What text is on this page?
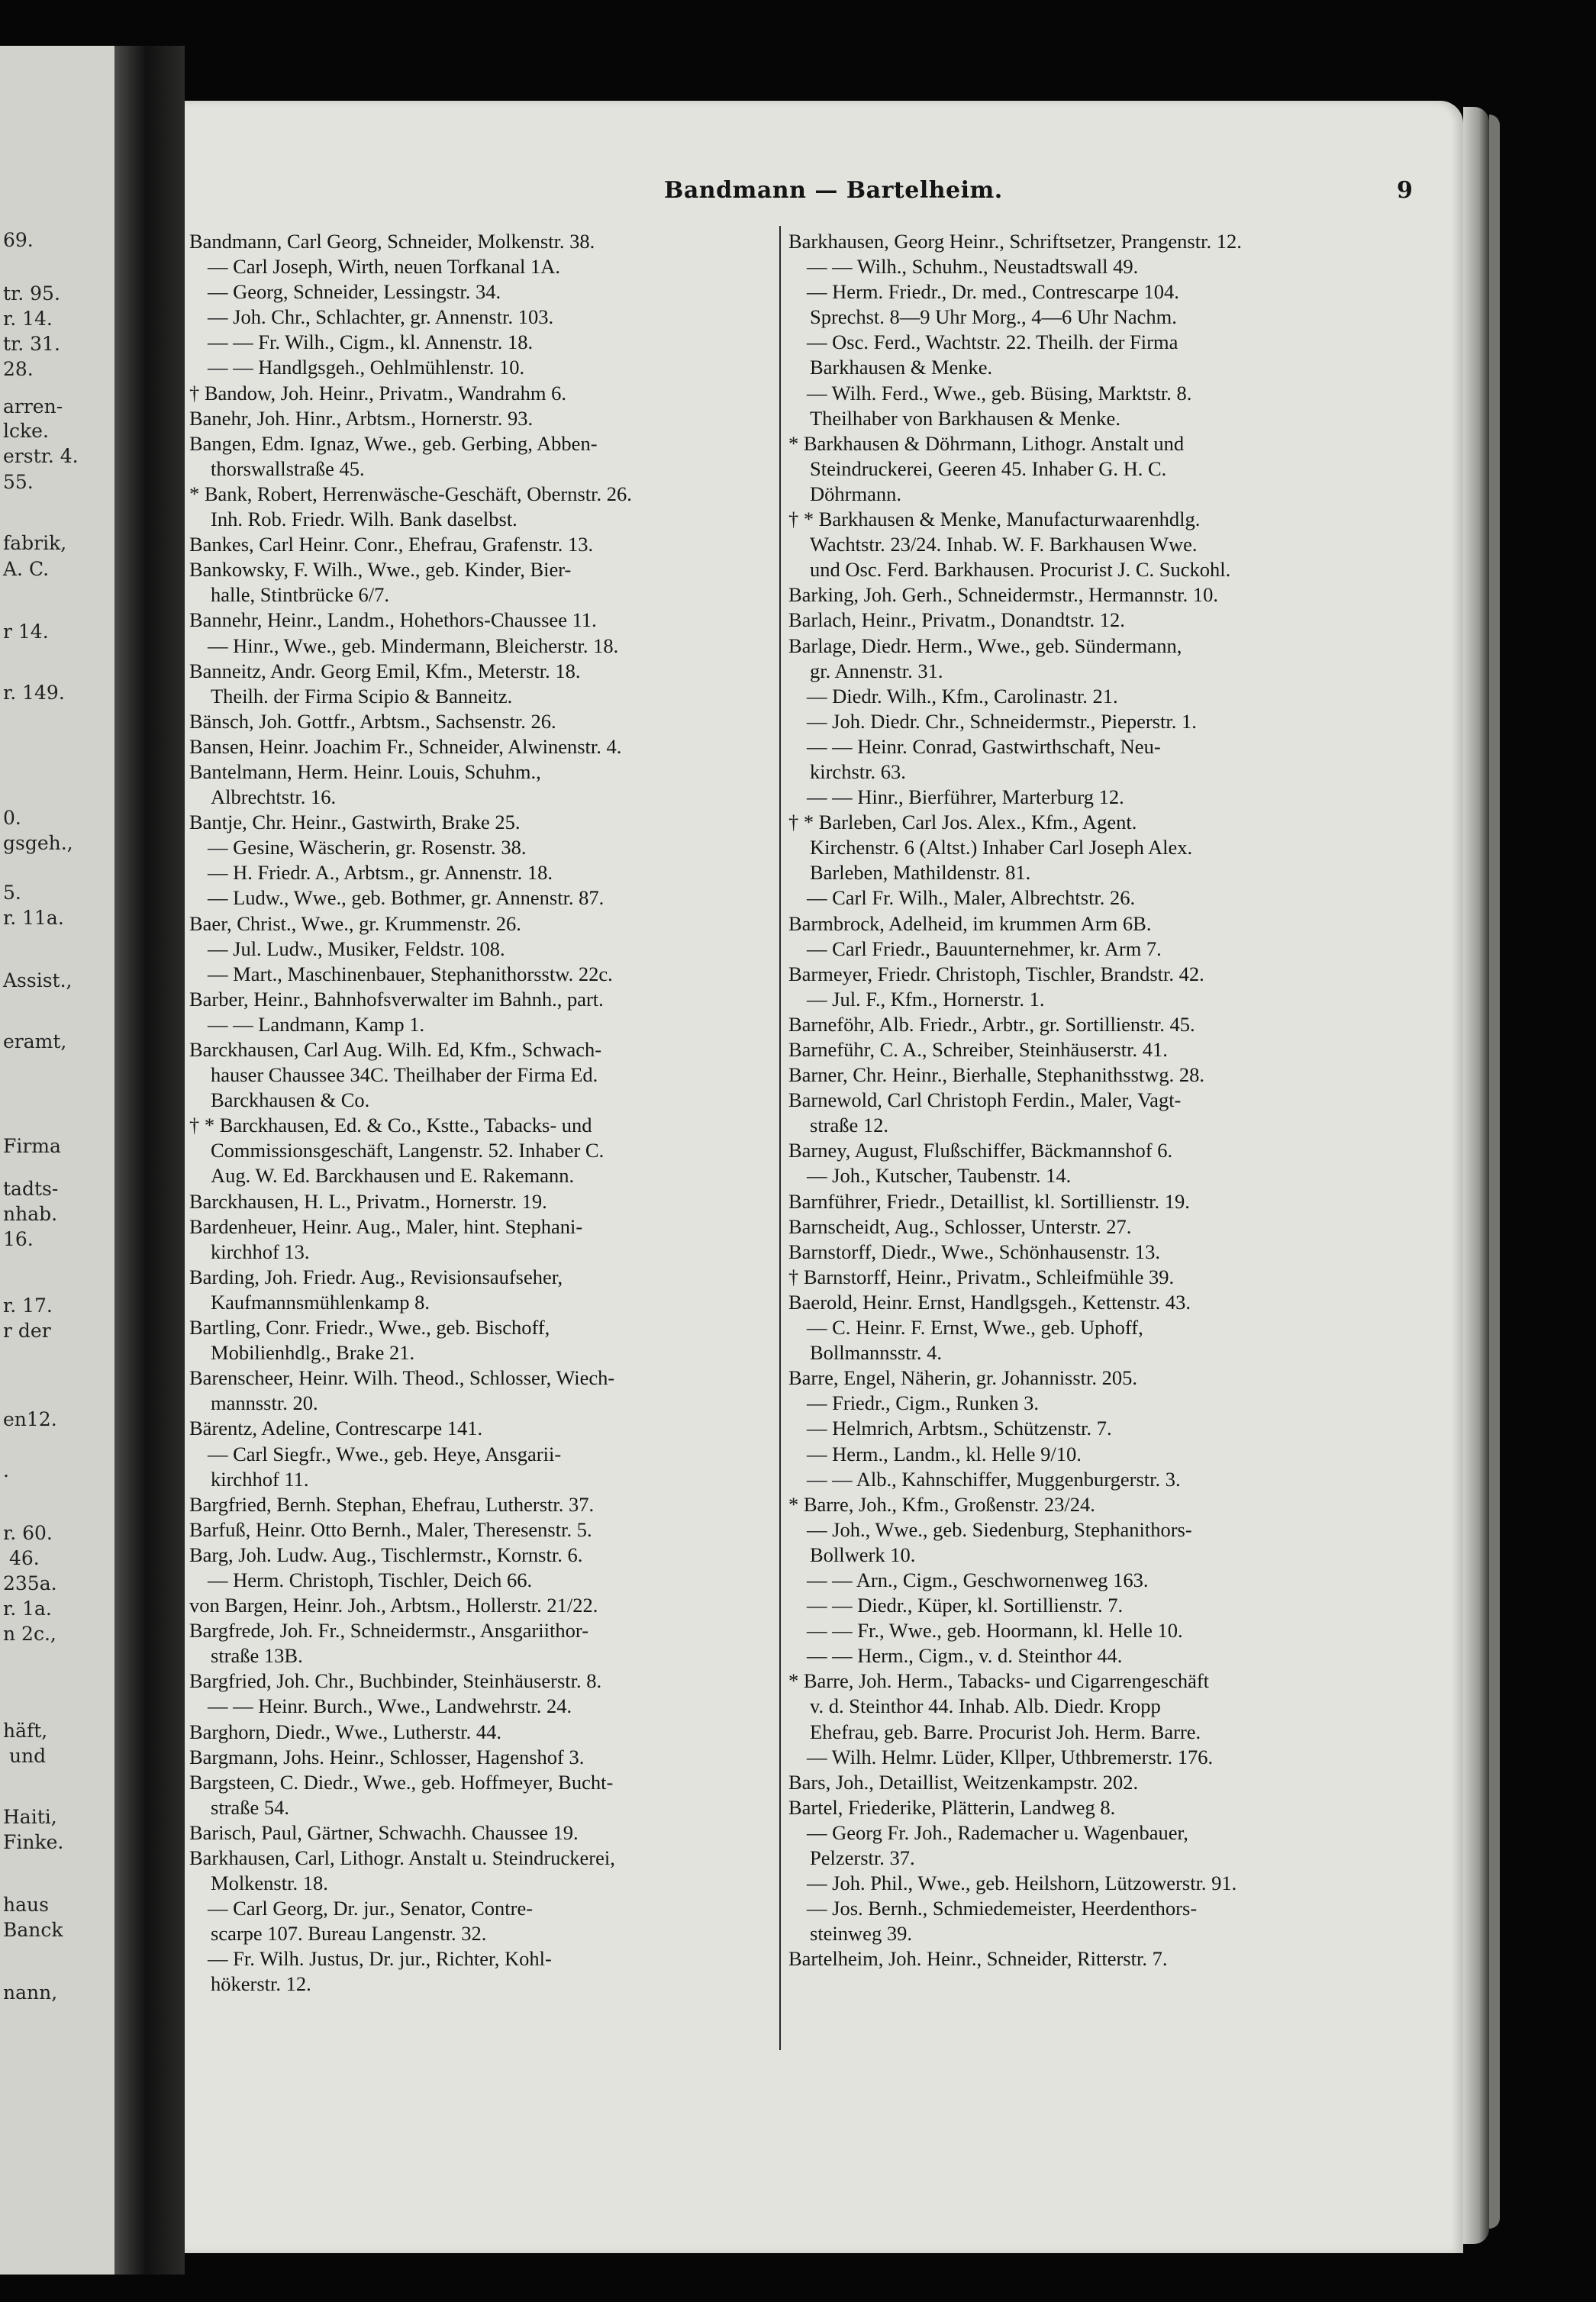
69.
tr. 95.
r. 14.
tr. 31.
28.
arren-
lcke.
erstr. 4.
55.
fabrik,
A. C.
r 14.
r. 149.
0.
gsgeh.,
5.
r. 11a.
Assist.,
eramt,
Firma
tadts-
nhab.
16.
r. 17.
r der
en12.
.
r. 60.
46.
235a.
r. 1a.
n 2c.,
häft,
und
Haiti,
Finke.
haus
Banck
nann,
Bandmann — Bartelheim.	9
Bandmann, Carl Georg, Schneider, Molkenstr. 38.
— Carl Joseph, Wirth, neuen Torfkanal 1A.
— Georg, Schneider, Lessingstr. 34.
— Joh. Chr., Schlachter, gr. Annenstr. 103.
— — Fr. Wilh., Cigm., kl. Annenstr. 18.
— — Handlgsgeh., Oehlmühlenstr. 10.
† Bandow, Joh. Heinr., Privatm., Wandrahm 6.
Banehr, Joh. Hinr., Arbtsm., Hornerstr. 93.
Bangen, Edm. Ignaz, Wwe., geb. Gerbing, Abben-
thorswallstraße 45.
* Bank, Robert, Herrenwäsche-Geschäft, Obernstr. 26.
Inh. Rob. Friedr. Wilh. Bank daselbst.
Bankes, Carl Heinr. Conr., Ehefrau, Grafenstr. 13.
Bankowsky, F. Wilh., Wwe., geb. Kinder, Bier-
halle, Stintbrücke 6/7.
Bannehr, Heinr., Landm., Hohethors-Chaussee 11.
— Hinr., Wwe., geb. Mindermann, Bleicherstr. 18.
Banneitz, Andr. Georg Emil, Kfm., Meterstr. 18.
Theilh. der Firma Scipio & Banneitz.
Bänsch, Joh. Gottfr., Arbtsm., Sachsenstr. 26.
Bansen, Heinr. Joachim Fr., Schneider, Alwinenstr. 4.
Bantelmann, Herm. Heinr. Louis, Schuhm.,
Albrechtstr. 16.
Bantje, Chr. Heinr., Gastwirth, Brake 25.
— Gesine, Wäscherin, gr. Rosenstr. 38.
— H. Friedr. A., Arbtsm., gr. Annenstr. 18.
— Ludw., Wwe., geb. Bothmer, gr. Annenstr. 87.
Baer, Christ., Wwe., gr. Krummenstr. 26.
— Jul. Ludw., Musiker, Feldstr. 108.
— Mart., Maschinenbauer, Stephanithorsstw. 22c.
Barber, Heinr., Bahnhofsverwalter im Bahnh., part.
— — Landmann, Kamp 1.
Barckhausen, Carl Aug. Wilh. Ed, Kfm., Schwach-
hauser Chaussee 34C. Theilhaber der Firma Ed.
Barckhausen & Co.
† * Barckhausen, Ed. & Co., Kstte., Tabacks- und
Commissionsgeschäft, Langenstr. 52. Inhaber C.
Aug. W. Ed. Barckhausen und E. Rakemann.
Barckhausen, H. L., Privatm., Hornerstr. 19.
Bardenheuer, Heinr. Aug., Maler, hint. Stephani-
kirchhof 13.
Barding, Joh. Friedr. Aug., Revisionsaufseher,
Kaufmannsmühlenkamp 8.
Bartling, Conr. Friedr., Wwe., geb. Bischoff,
Mobilienhdlg., Brake 21.
Barenscheer, Heinr. Wilh. Theod., Schlosser, Wiech-
mannsstr. 20.
Bärentz, Adeline, Contrescarpe 141.
— Carl Siegfr., Wwe., geb. Heye, Ansgarii-
kirchhof 11.
Bargfried, Bernh. Stephan, Ehefrau, Lutherstr. 37.
Barfuß, Heinr. Otto Bernh., Maler, Theresenstr. 5.
Barg, Joh. Ludw. Aug., Tischlermstr., Kornstr. 6.
— Herm. Christoph, Tischler, Deich 66.
von Bargen, Heinr. Joh., Arbtsm., Hollerstr. 21/22.
Bargfrede, Joh. Fr., Schneidermstr., Ansgariithor-
straße 13B.
Bargfried, Joh. Chr., Buchbinder, Steinhäuserstr. 8.
— — Heinr. Burch., Wwe., Landwehrstr. 24.
Barghorn, Diedr., Wwe., Lutherstr. 44.
Bargmann, Johs. Heinr., Schlosser, Hagenshof 3.
Bargsteen, C. Diedr., Wwe., geb. Hoffmeyer, Bucht-
straße 54.
Barisch, Paul, Gärtner, Schwachh. Chaussee 19.
Barkhausen, Carl, Lithogr. Anstalt u. Steindruckerei,
Molkenstr. 18.
— Carl Georg, Dr. jur., Senator, Contre-
scarpe 107. Bureau Langenstr. 32.
— Fr. Wilh. Justus, Dr. jur., Richter, Kohl-
hökerstr. 12.
Barkhausen, Georg Heinr., Schriftsetzer, Prangenstr. 12.
— — Wilh., Schuhm., Neustadtswall 49.
— Herm. Friedr., Dr. med., Contrescarpe 104.
Sprechst. 8—9 Uhr Morg., 4—6 Uhr Nachm.
— Osc. Ferd., Wachtstr. 22. Theilh. der Firma
Barkhausen & Menke.
— Wilh. Ferd., Wwe., geb. Büsing, Marktstr. 8.
Theilhaber von Barkhausen & Menke.
* Barkhausen & Döhrmann, Lithogr. Anstalt und
Steindruckerei, Geeren 45. Inhaber G. H. C.
Döhrmann.
† * Barkhausen & Menke, Manufacturwaarenhdlg.
Wachtstr. 23/24. Inhab. W. F. Barkhausen Wwe.
und Osc. Ferd. Barkhausen. Procurist J. C. Suckohl.
Barking, Joh. Gerh., Schneidermstr., Hermannstr. 10.
Barlach, Heinr., Privatm., Donandtstr. 12.
Barlage, Diedr. Herm., Wwe., geb. Sündermann,
gr. Annenstr. 31.
— Diedr. Wilh., Kfm., Carolinastr. 21.
— Joh. Diedr. Chr., Schneidermstr., Pieperstr. 1.
— — Heinr. Conrad, Gastwirthschaft, Neu-
kirchstr. 63.
— — Hinr., Bierführer, Marterburg 12.
† * Barleben, Carl Jos. Alex., Kfm., Agent.
Kirchenstr. 6 (Altst.) Inhaber Carl Joseph Alex.
Barleben, Mathildenstr. 81.
— Carl Fr. Wilh., Maler, Albrechtstr. 26.
Barmbrock, Adelheid, im krummen Arm 6B.
— Carl Friedr., Bauunternehmer, kr. Arm 7.
Barmeyer, Friedr. Christoph, Tischler, Brandstr. 42.
— Jul. F., Kfm., Hornerstr. 1.
Barneföhr, Alb. Friedr., Arbtr., gr. Sortillienstr. 45.
Barneführ, C. A., Schreiber, Steinhäuserstr. 41.
Barner, Chr. Heinr., Bierhalle, Stephanithsstwg. 28.
Barnewold, Carl Christoph Ferdin., Maler, Vagt-
straße 12.
Barney, August, Flußschiffer, Bäckmannshof 6.
— Joh., Kutscher, Taubenstr. 14.
Barnführer, Friedr., Detaillist, kl. Sortillienstr. 19.
Barnscheidt, Aug., Schlosser, Unterstr. 27.
Barnstorff, Diedr., Wwe., Schönhausenstr. 13.
† Barnstorff, Heinr., Privatm., Schleifmühle 39.
Baerold, Heinr. Ernst, Handlgsgeh., Kettenstr. 43.
— C. Heinr. F. Ernst, Wwe., geb. Uphoff,
Bollmannsstr. 4.
Barre, Engel, Näherin, gr. Johannisstr. 205.
— Friedr., Cigm., Runken 3.
— Helmrich, Arbtsm., Schützenstr. 7.
— Herm., Landm., kl. Helle 9/10.
— — Alb., Kahnschiffer, Muggenburgerstr. 3.
* Barre, Joh., Kfm., Großenstr. 23/24.
— Joh., Wwe., geb. Siedenburg, Stephanithors-
Bollwerk 10.
— — Arn., Cigm., Geschwornenweg 163.
— — Diedr., Küper, kl. Sortillienstr. 7.
— — Fr., Wwe., geb. Hoormann, kl. Helle 10.
— — Herm., Cigm., v. d. Steinthor 44.
* Barre, Joh. Herm., Tabacks- und Cigarrengeschäft
v. d. Steinthor 44. Inhab. Alb. Diedr. Kropp
Ehefrau, geb. Barre. Procurist Joh. Herm. Barre.
— Wilh. Helmr. Lüder, Kllper, Uthbremerstr. 176.
Bars, Joh., Detaillist, Weitzenkampstr. 202.
Bartel, Friederike, Plätterin, Landweg 8.
— Georg Fr. Joh., Rademacher u. Wagenbauer,
Pelzerstr. 37.
— Joh. Phil., Wwe., geb. Heilshorn, Lützowerstr. 91.
— Jos. Bernh., Schmiedemeister, Heerdenthors-
steinweg 39.
Bartelheim, Joh. Heinr., Schneider, Ritterstr. 7.
